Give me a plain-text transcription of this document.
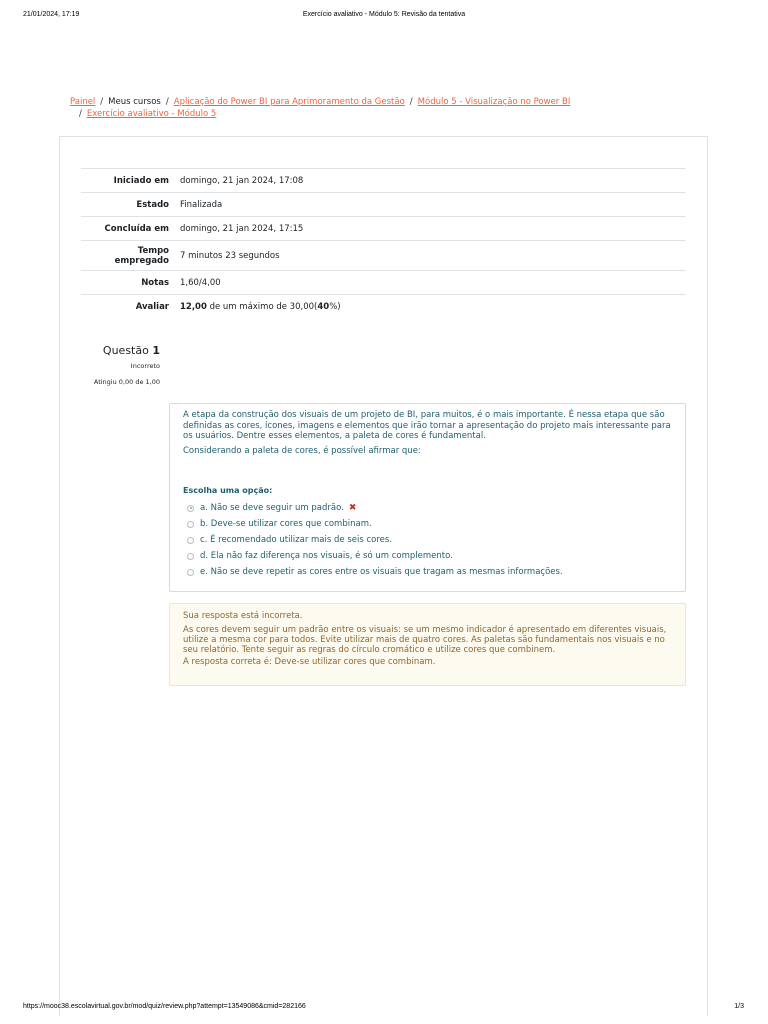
21/01/2024, 17:19	Exercício avaliativo - Módulo 5: Revisão da tentativa
Painel / Meus cursos / Aplicação do Power BI para Aprimoramento da Gestão / Módulo 5 - Visualização no Power BI
/ Exercício avaliativo - Módulo 5
Iniciado em	domingo, 21 jan 2024, 17:08
Estado	Finalizada
Concluída em	domingo, 21 jan 2024, 17:15
Tempo
empregado	7 minutos 23 segundos
Notas	1,60/4,00
Avaliar	12,00 de um máximo de 30,00(40%)
Questão 1
Incorreto
Atingiu 0,00 de 1,00

A etapa da construção dos visuais de um projeto de BI, para muitos, é o mais importante. É nessa etapa que são definidas as cores, ícones, imagens e elementos que irão tornar a apresentação do projeto mais interessante para os usuários. Dentre esses elementos, a paleta de cores é fundamental.

Considerando a paleta de cores, é possível afirmar que:

Escolha uma opção:
a. Não se deve seguir um padrão. ✖
b. Deve-se utilizar cores que combinam.
c. É recomendado utilizar mais de seis cores.
d. Ela não faz diferença nos visuais, é só um complemento.
e. Não se deve repetir as cores entre os visuais que tragam as mesmas informações.

Sua resposta está incorreta.

As cores devem seguir um padrão entre os visuais: se um mesmo indicador é apresentado em diferentes visuais, utilize a mesma cor para todos. Evite utilizar mais de quatro cores. As paletas são fundamentais nos visuais e no seu relatório. Tente seguir as regras do círculo cromático e utilize cores que combinem.

A resposta correta é: Deve-se utilizar cores que combinam.

https://mooc38.escolavirtual.gov.br/mod/quiz/review.php?attempt=13549086&cmid=282166	1/3
